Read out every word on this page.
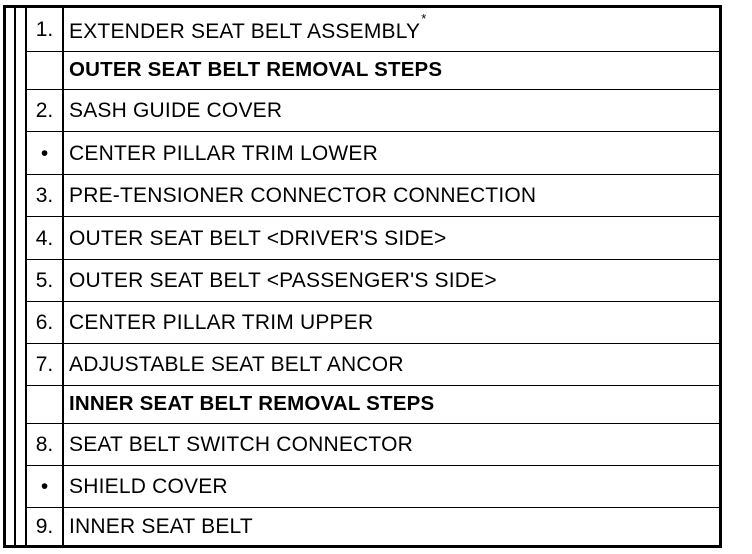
1. EXTENDER SEAT BELT ASSEMBLY*
OUTER SEAT BELT REMOVAL STEPS
2. SASH GUIDE COVER
• CENTER PILLAR TRIM LOWER
3. PRE-TENSIONER CONNECTOR CONNECTION
4. OUTER SEAT BELT <DRIVER'S SIDE>
5. OUTER SEAT BELT <PASSENGER'S SIDE>
6. CENTER PILLAR TRIM UPPER
7. ADJUSTABLE SEAT BELT ANCOR
INNER SEAT BELT REMOVAL STEPS
8. SEAT BELT SWITCH CONNECTOR
• SHIELD COVER
9. INNER SEAT BELT
